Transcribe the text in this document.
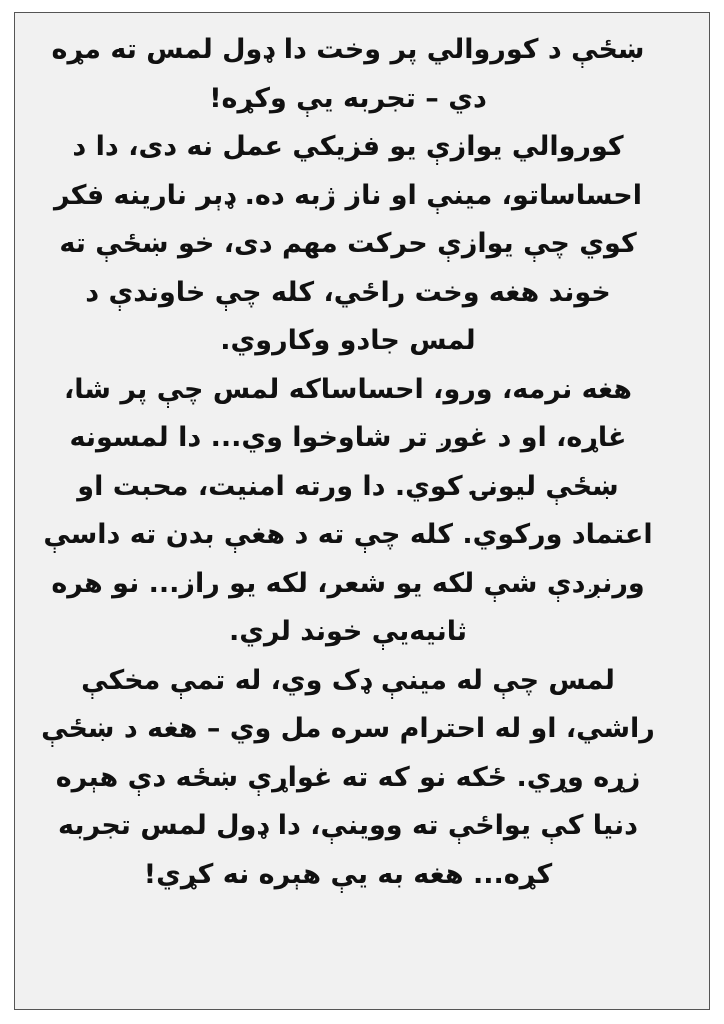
ښځې د کوروالي پر وخت دا ډول لمس ته مړه
دي – تجربه يې وکړه!
کوروالي يوازې يو فزيکي عمل نه دی، دا د
احساساتو، مينې او ناز ژبه ده. ډېر نارينه فکر
کوي چې يوازې حرکت مهم دی، خو ښځې ته
خوند هغه وخت راځي، کله چې خاوندې د
لمس جادو وکاروي.
هغه نرمه، ورو، احساساکه لمس چې پر شا،
غاړه، او د غوږ تر شاوخوا وي... دا لمسونه
ښځې ليونۍ کوي. دا ورته امنيت، محبت او
اعتماد ورکوي. کله چې ته د هغې بدن ته داسې
ورنږدې شې لکه يو شعر، لکه يو راز... نو هره
ثانيه‌يې خوند لري.
لمس چې له مينې ډک وي، له تمې مخکې
راشي، او له احترام سره مل وي – هغه د ښځې
زړه وړي. ځکه نو که ته غواړې ښځه دې هېره
دنيا کې يواځې ته ووينې، دا ډول لمس تجربه
کړه... هغه به يې هېره نه کړي!
